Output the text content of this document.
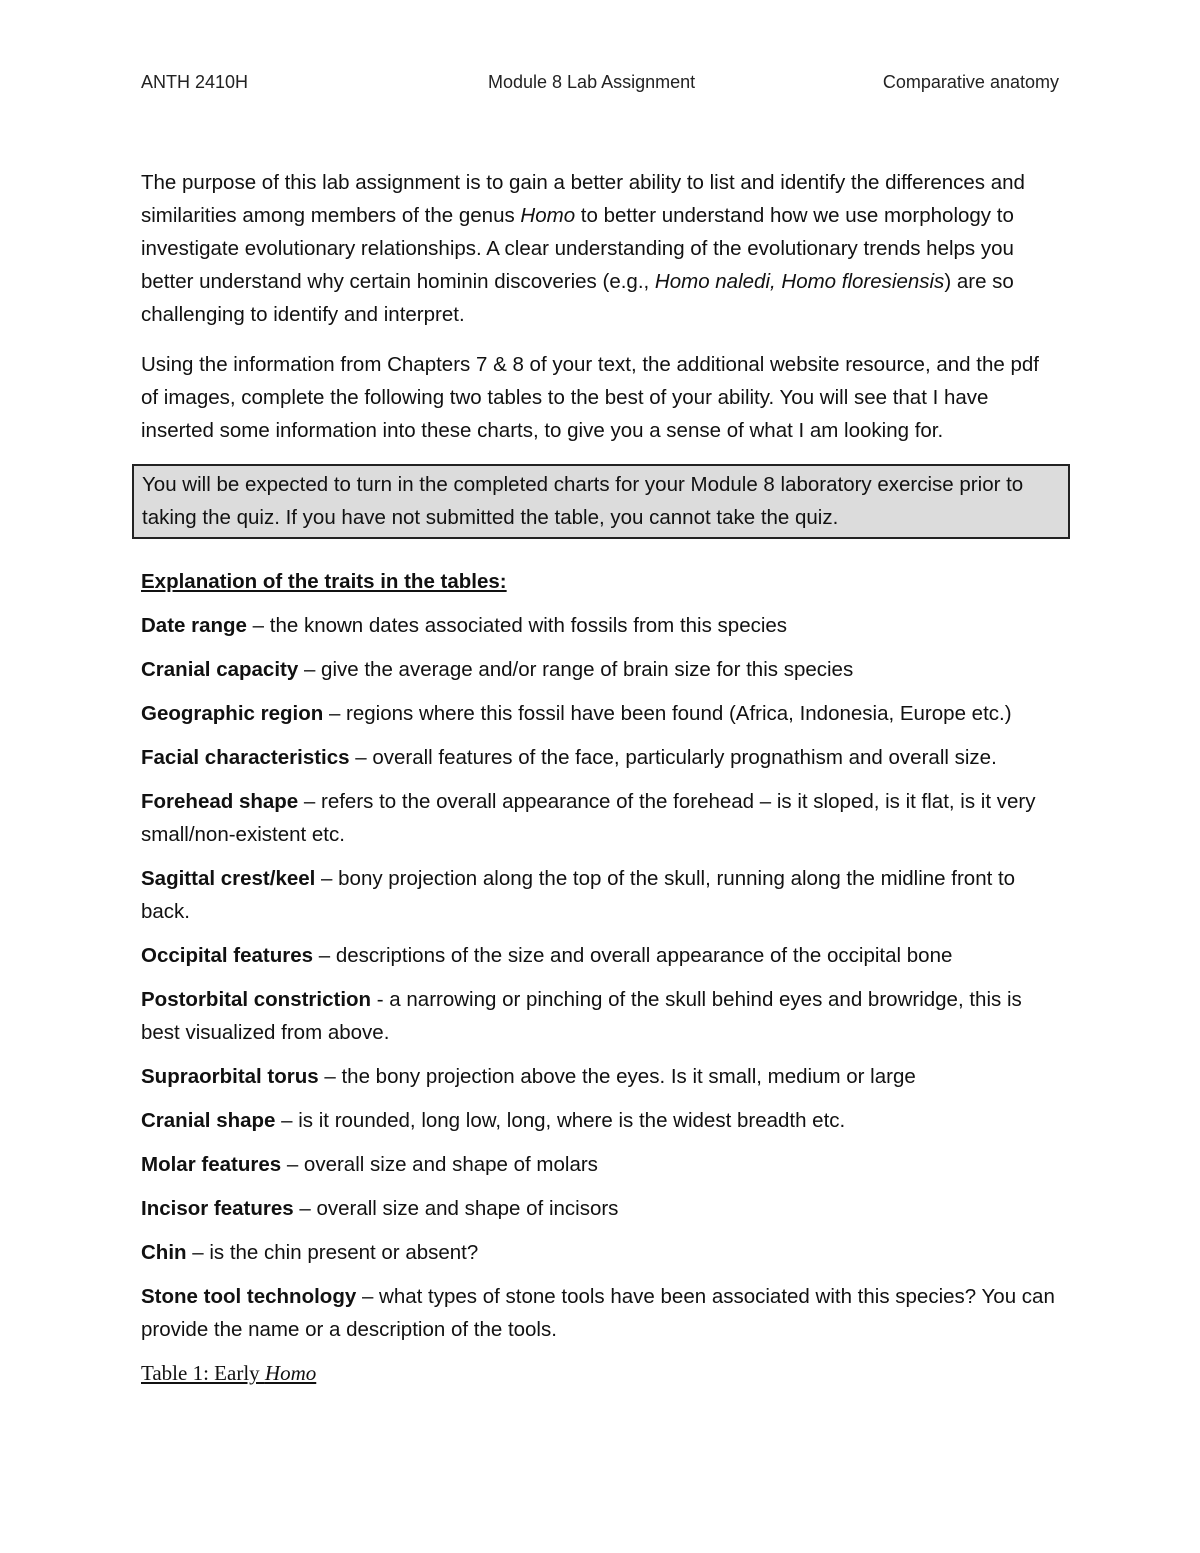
ANTH 2410H	Module 8 Lab Assignment	Comparative anatomy

The purpose of this lab assignment is to gain a better ability to list and identify the differences and similarities among members of the genus Homo to better understand how we use morphology to investigate evolutionary relationships. A clear understanding of the evolutionary trends helps you better understand why certain hominin discoveries (e.g., Homo naledi, Homo floresiensis) are so challenging to identify and interpret.

Using the information from Chapters 7 & 8 of your text, the additional website resource, and the pdf of images, complete the following two tables to the best of your ability. You will see that I have inserted some information into these charts, to give you a sense of what I am looking for.

You will be expected to turn in the completed charts for your Module 8 laboratory exercise prior to taking the quiz. If you have not submitted the table, you cannot take the quiz.

Explanation of the traits in the tables:

Date range – the known dates associated with fossils from this species

Cranial capacity – give the average and/or range of brain size for this species

Geographic region – regions where this fossil have been found (Africa, Indonesia, Europe etc.)

Facial characteristics – overall features of the face, particularly prognathism and overall size.

Forehead shape – refers to the overall appearance of the forehead – is it sloped, is it flat, is it very small/non-existent etc.

Sagittal crest/keel – bony projection along the top of the skull, running along the midline front to back.

Occipital features – descriptions of the size and overall appearance of the occipital bone

Postorbital constriction - a narrowing or pinching of the skull behind eyes and browridge, this is best visualized from above.

Supraorbital torus – the bony projection above the eyes. Is it small, medium or large

Cranial shape – is it rounded, long low, long, where is the widest breadth etc.

Molar features – overall size and shape of molars

Incisor features – overall size and shape of incisors

Chin – is the chin present or absent?

Stone tool technology – what types of stone tools have been associated with this species? You can provide the name or a description of the tools.

Table 1: Early Homo
